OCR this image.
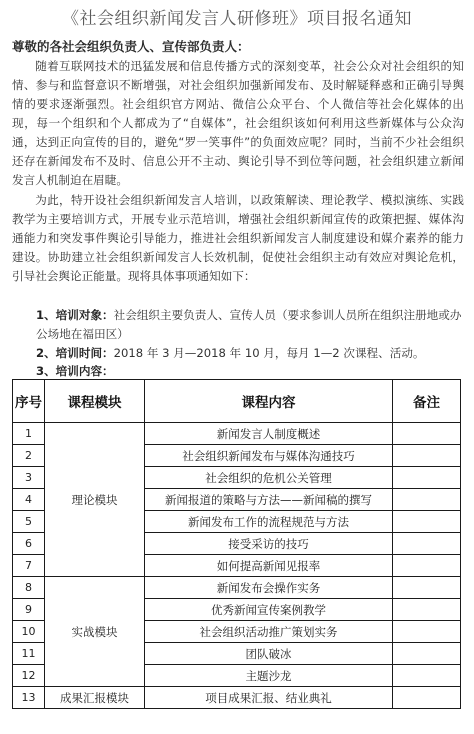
《社会组织新闻发言人研修班》项目报名通知
尊敬的各社会组织负责人、宣传部负责人：
随着互联网技术的迅猛发展和信息传播方式的深刻变革，社会公众对社会组织的知情、参与和监督意识不断增强，对社会组织加强新闻发布、及时解疑释惑和正确引导舆情的要求逐渐强烈。社会组织官方网站、微信公众平台、个人微信等社会化媒体的出现，每一个组织和个人都成为了“自媒体”，社会组织该如何利用这些新媒体与公众沟通，达到正向宣传的目的，避免“罗一笑事件”的负面效应呢？同时，当前不少社会组织还存在新闻发布不及时、信息公开不主动、舆论引导不到位等问题，社会组织建立新闻发言人机制迫在眉睫。
为此，特开设社会组织新闻发言人培训，以政策解读、理论教学、模拟演练、实践教学为主要培训方式，开展专业示范培训，增强社会组织新闻宣传的政策把握、媒体沟通能力和突发事件舆论引导能力，推进社会组织新闻发言人制度建设和媒介素养的能力建设。协助建立社会组织新闻发言人长效机制，促使社会组织主动有效应对舆论危机，引导社会舆论正能量。现将具体事项通知如下：
1、培训对象：社会组织主要负责人、宣传人员（要求参训人员所在组织注册地或办公场地在福田区）
2、培训时间：2018 年 3 月—2018 年 10 月，每月 1—2 次课程、活动。
3、培训内容：
序号	课程模块	课程内容	备注
1	理论模块	新闻发言人制度概述	
2		社会组织新闻发布与媒体沟通技巧	
3		社会组织的危机公关管理	
4		新闻报道的策略与方法——新闻稿的撰写	
5		新闻发布工作的流程规范与方法	
6		接受采访的技巧	
7		如何提高新闻见报率	
8	实战模块	新闻发布会操作实务	
9		优秀新闻宣传案例教学	
10		社会组织活动推广策划实务	
11		团队破冰	
12		主题沙龙	
13	成果汇报模块	项目成果汇报、结业典礼	
